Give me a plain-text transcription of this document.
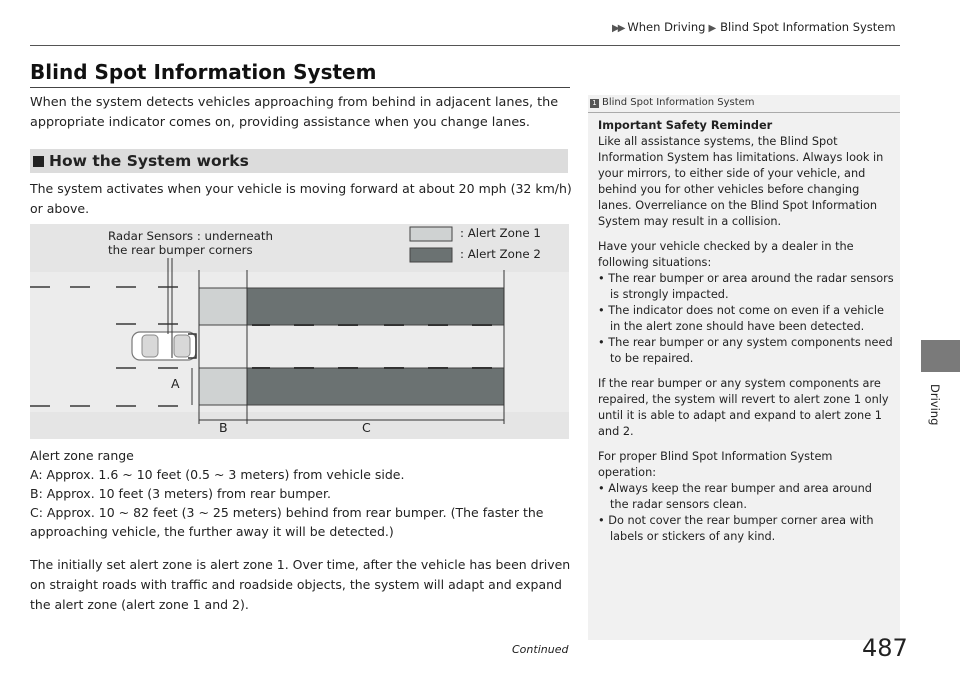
▶▶ When Driving ▶ Blind Spot Information System
Blind Spot Information System
When the system detects vehicles approaching from behind in adjacent lanes, the appropriate indicator comes on, providing assistance when you change lanes.
How the System works
The system activates when your vehicle is moving forward at about 20 mph (32 km/h) or above.
Radar Sensors : underneath
the rear bumper corners
: Alert Zone 1
: Alert Zone 2
A
B	C
Alert zone range
A: Approx. 1.6 ~ 10 feet (0.5 ~ 3 meters) from vehicle side.
B: Approx. 10 feet (3 meters) from rear bumper.
C: Approx. 10 ~ 82 feet (3 ~ 25 meters) behind from rear bumper. (The faster the approaching vehicle, the further away it will be detected.)
The initially set alert zone is alert zone 1. Over time, after the vehicle has been driven on straight roads with traffic and roadside objects, the system will adapt and expand the alert zone (alert zone 1 and 2).
1 Blind Spot Information System

Important Safety Reminder

Like all assistance systems, the Blind Spot Information System has limitations. Always look in your mirrors, to either side of your vehicle, and behind you for other vehicles before changing lanes. Overreliance on the Blind Spot Information System may result in a collision.

Have your vehicle checked by a dealer in the following situations:

• The rear bumper or area around the radar sensors is strongly impacted.

• The indicator does not come on even if a vehicle in the alert zone should have been detected.

• The rear bumper or any system components need to be repaired.

If the rear bumper or any system components are repaired, the system will revert to alert zone 1 only until it is able to adapt and expand to alert zone 1 and 2.

For proper Blind Spot Information System operation:

• Always keep the rear bumper and area around the radar sensors clean.

• Do not cover the rear bumper corner area with labels or stickers of any kind.

Driving
Continued	487
